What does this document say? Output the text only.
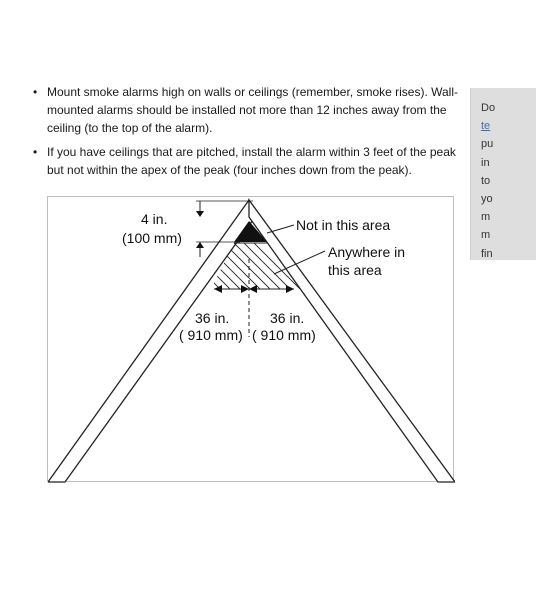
• Mount smoke alarms high on walls or ceilings (remember, smoke rises). Wall-mounted alarms should be installed not more than 12 inches away from the ceiling (to the top of the alarm).
• If you have ceilings that are pitched, install the alarm within 3 feet of the peak but not within the apex of the peak (four inches down from the peak).
4 in.
(100 mm)
Not in this area
Anywhere in
this area
36 in.
( 910 mm)
36 in.
( 910 mm)
Do
te
pu
in
to
yo
m
m
fin
